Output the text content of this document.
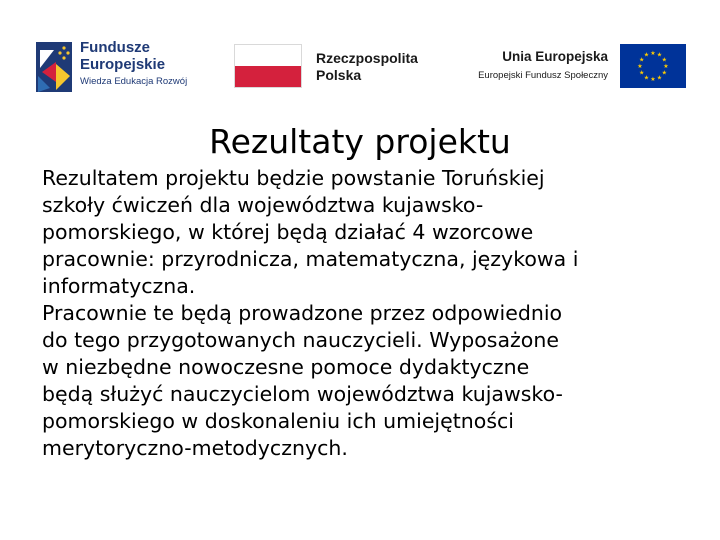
Fundusze
Europejskie
Wiedza Edukacja Rozwój
Rzeczpospolita
Polska
Unia Europejska
Europejski Fundusz Społeczny
★ ★
★
★
★
★
★
★
★
★
★
★
Rezultaty projektu

Rezultatem projektu będzie powstanie Toruńskiej
szkoły ćwiczeń dla województwa kujawsko-
pomorskiego, w której będą działać 4 wzorcowe
pracownie: przyrodnicza, matematyczna, językowa i
informatyczna.

Pracownie te będą prowadzone przez odpowiednio
do tego przygotowanych nauczycieli. Wyposażone
w niezbędne nowoczesne pomoce dydaktyczne
będą służyć nauczycielom województwa kujawsko-
pomorskiego w doskonaleniu ich umiejętności
merytoryczno-metodycznych.
